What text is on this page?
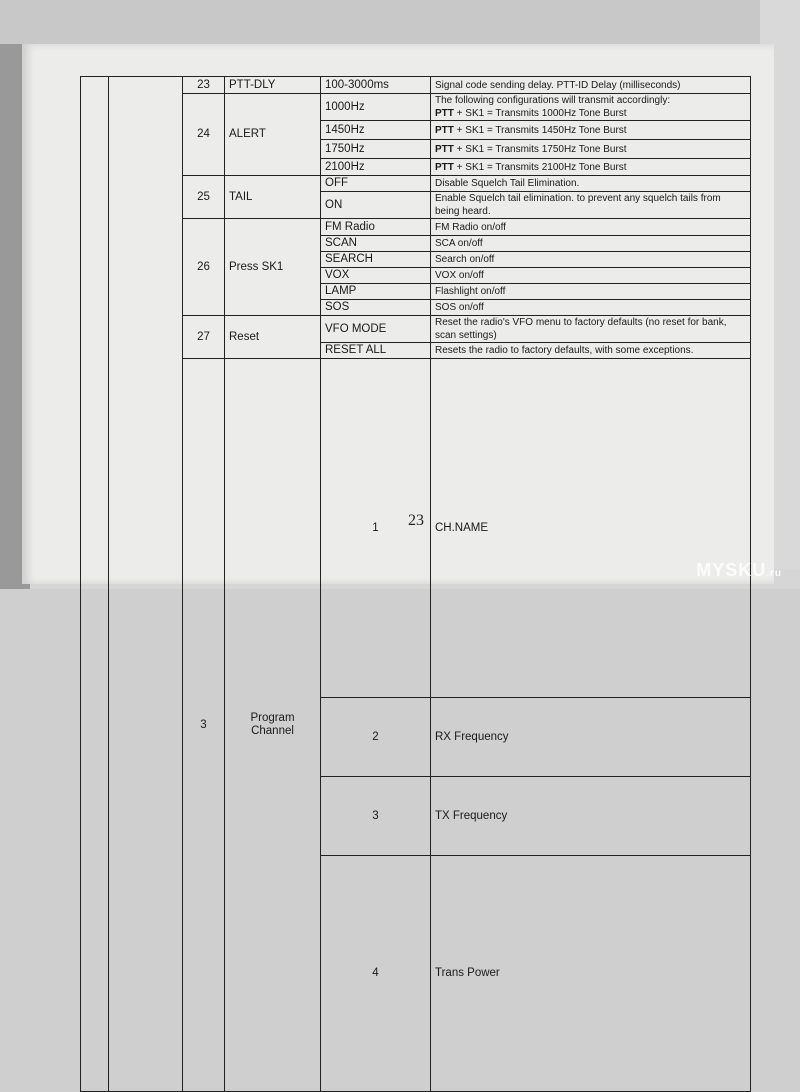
		23	PTT-DLY	100-3000ms	Signal code sending delay. PTT-ID Delay (milliseconds)	
		24	ALERT	1000Hz	The following configurations will transmit accordingly:
PTT + SK1 = Transmits 1000Hz Tone Burst	
				1450Hz	PTT + SK1 = Transmits 1450Hz Tone Burst	
				1750Hz	PTT + SK1 = Transmits 1750Hz Tone Burst	
				2100Hz	PTT + SK1 = Transmits 2100Hz Tone Burst	
		25	TAIL	OFF	Disable Squelch Tail Elimination.	
				ON	Enable Squelch tail elimination. to prevent any squelch tails from being heard.	
		26	Press SK1	FM Radio	FM Radio on/off	
				SCAN	SCA on/off	
				SEARCH	Search on/off	
				VOX	VOX on/off	
				LAMP	Flashlight on/off	
				SOS	SOS on/off	
		27	Reset	VFO MODE	Reset the radio's VFO menu to factory defaults (no reset for bank, scan settings)	
				RESET ALL	Resets the radio to factory defaults, with some exceptions.	
		3	Program
Channel	1	CH.NAME		
				2	RX Frequency		
				3	TX Frequency		
				4	Trans Power		

23
MYSKU.ru
